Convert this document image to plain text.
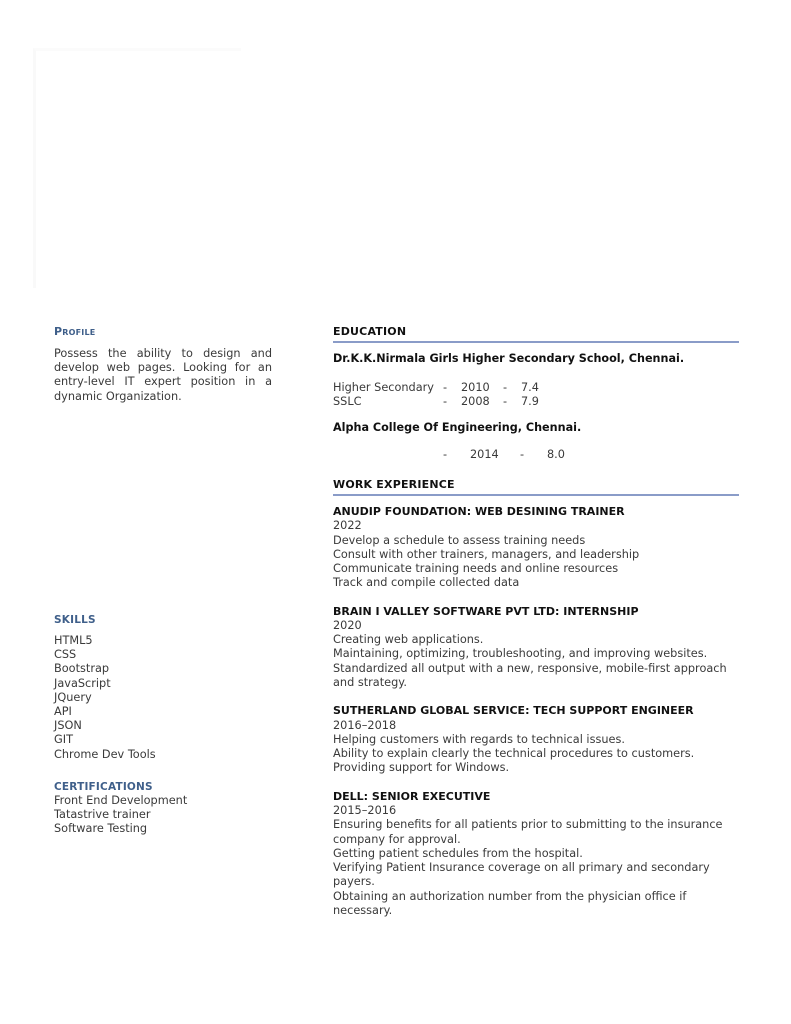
Profile
Possess the ability to design and develop web pages. Looking for an entry-level IT expert position in a dynamic Organization.
SKILLS
HTML5
CSS
Bootstrap
JavaScript
JQuery
API
JSON
GIT
Chrome Dev Tools
CERTIFICATIONS
Front End Development
Tatastrive trainer
Software Testing
EDUCATION
Dr.K.K.Nirmala Girls Higher Secondary School, Chennai.
Higher Secondary -	2010	-	7.4
SSLC	-	2008	-	7.9
Alpha College Of Engineering, Chennai.
-	2014	-	8.0
WORK EXPERIENCE
ANUDIP FOUNDATION: WEB DESINING TRAINER
2022
Develop a schedule to assess training needs
Consult with other trainers, managers, and leadership
Communicate training needs and online resources
Track and compile collected data
BRAIN I VALLEY SOFTWARE PVT LTD: INTERNSHIP
2020
Creating web applications.
Maintaining, optimizing, troubleshooting, and improving websites.
Standardized all output with a new, responsive, mobile-first approach and strategy.
SUTHERLAND GLOBAL SERVICE: TECH SUPPORT ENGINEER
2016–2018
Helping customers with regards to technical issues.
Ability to explain clearly the technical procedures to customers.
Providing support for Windows.
DELL: SENIOR EXECUTIVE
2015–2016
Ensuring benefits for all patients prior to submitting to the insurance company for approval.
Getting patient schedules from the hospital.
Verifying Patient Insurance coverage on all primary and secondary payers.
Obtaining an authorization number from the physician office if necessary.
